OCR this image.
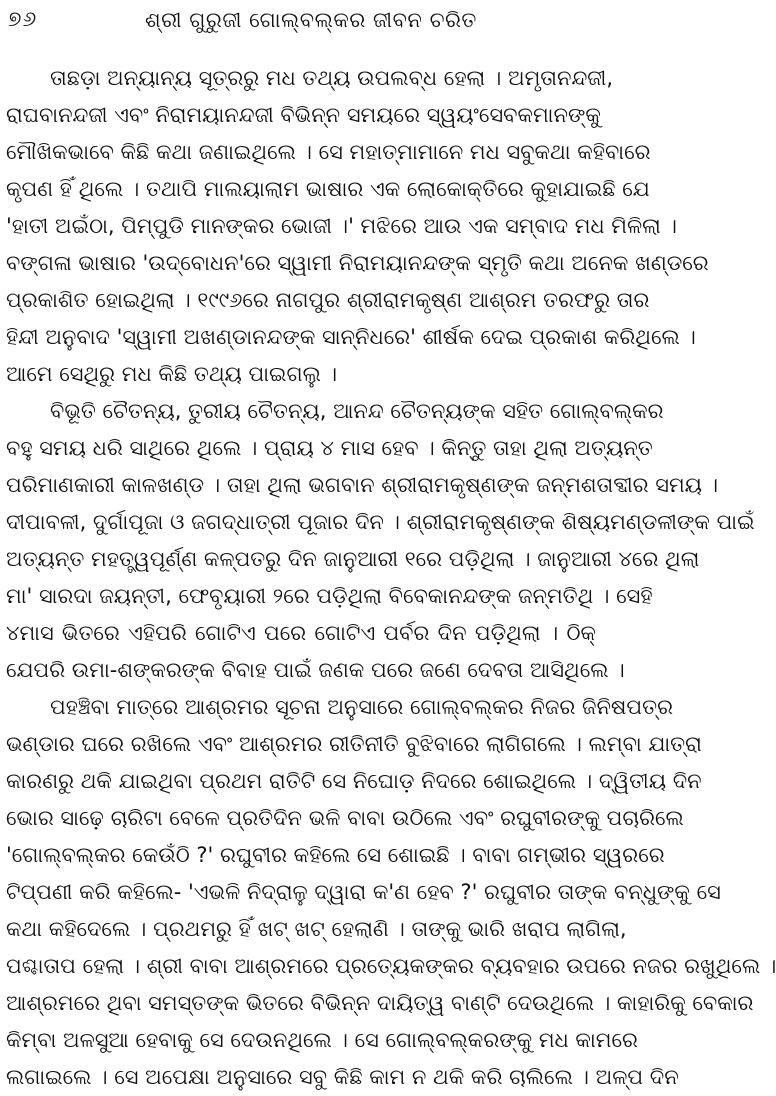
୭୬	ଶ୍ରୀ ଗୁରୁଜୀ ଗୋଲ୍‌ବଲ୍‌କର ଜୀବନ ଚରିତ
ତାଛଡ଼ା ଅନ୍ୟାନ୍ୟ ସୂତ୍ରରୁ ମଧ ତଥ୍ୟ ଉପଲବ୍ଧ ହେଲା । ଅମୃତାନନ୍ଦଜୀ,
ରାଘବାନନ୍ଦଜୀ ଏବଂ ନିରାମୟାନନ୍ଦଜୀ ବିଭିନ୍ନ ସମୟରେ ସ୍ୱୟଂସେବକମାନଙ୍କୁ
ମୌଖିକଭାବେ କିଛି କଥା ଜଣାଇଥିଲେ । ସେ ମହାତ୍ମାମାନେ ମଧ ସବୁକଥା କହିବାରେ
କୃପଣ ହିଁ ଥିଲେ । ତଥାପି ମାଲୟାଲାମ ଭାଷାର ଏକ ଲୋକୋକ୍ତିରେ କୁହାଯାଇଛି ଯେ
'ହାତୀ ଅଇଁଠା, ପିମ୍ପୁଡି ମାନଙ୍କର ଭୋଜୀ ।' ମଝିରେ ଆଉ ଏକ ସମ୍ବାଦ ମଧ ମିଳିଲା ।
ବଙ୍ଗଳା ଭାଷାର 'ଉଦ୍‌ବୋଧନ'ରେ ସ୍ୱାମୀ ନିରାମୟାନନ୍ଦଙ୍କ ସ୍ମୃତି କଥା ଅନେକ ଖଣ୍ଡରେ
ପ୍ରକାଶିତ ହୋଇଥିଲା । ୧୯୯୬ରେ ନାଗପୁର ଶ୍ରୀରାମକୃଷ୍ଣ ଆଶ୍ରମ ତରଫରୁ ତାର
ହିନ୍ଦୀ ଅନୁବାଦ 'ସ୍ୱାମୀ ଅଖଣ୍ଡାନନ୍ଦଙ୍କ ସାନ୍ନିଧରେ' ଶୀର୍ଷକ ଦେଇ ପ୍ରକାଶ କରିଥିଲେ ।
ଆମେ ସେଥିରୁ ମଧ କିଛି ତଥ୍ୟ ପାଇଗଲୁ ।
ବିଭୂତି ଚୈତନ୍ୟ, ତୁରୀୟ ଚୈତନ୍ୟ, ଆନନ୍ଦ ଚୈତନ୍ୟଙ୍କ ସହିତ ଗୋଲ୍‌ବଲ୍‌କର
ବହୁ ସମୟ ଧରି ସାଥିରେ ଥିଲେ । ପ୍ରାୟ ୪ ମାସ ହେବ । କିନ୍ତୁ ତାହା ଥିଲା ଅତ୍ୟନ୍ତ
ପରିମାଣକାରୀ କାଳଖଣ୍ଡ । ତାହା ଥିଲା ଭଗବାନ ଶ୍ରୀରାମକୃଷ୍ଣଙ୍କ ଜନ୍ମଶତାବ୍ଦୀର ସମୟ ।
ଦୀପାବଳୀ, ଦୁର୍ଗାପୂଜା ଓ ଜଗଦ୍ଧାତ୍ରୀ ପୂଜାର ଦିନ । ଶ୍ରୀରାମକୃଷ୍ଣଙ୍କ ଶିଷ୍ୟମଣ୍ଡଳୀଙ୍କ ପାଇଁ
ଅତ୍ୟନ୍ତ ମହତ୍ତ୍ୱପୂର୍ଣ୍ଣ କଳ୍ପତରୁ ଦିନ ଜାନୁଆରୀ ୧ରେ ପଡ଼ିଥିଲା । ଜାନୁଆରୀ ୪ରେ ଥିଲା
ମା' ସାରଦା ଜୟନ୍ତୀ, ଫେବୃୟାରୀ ୨ରେ ପଡ଼ିଥିଲା ବିବେକାନନ୍ଦଙ୍କ ଜନ୍ମତିଥି । ସେହି
୪ମାସ ଭିତରେ ଏହିପରି ଗୋଟିଏ ପରେ ଗୋଟିଏ ପର୍ବର ଦିନ ପଡ଼ିଥିଲା । ଠିକ୍
ଯେପରି ଉମା-ଶଙ୍କରଙ୍କ ବିବାହ ପାଇଁ ଜଣକ ପରେ ଜଣେ ଦେବତା ଆସିଥିଲେ ।
ପହଞ୍ଚିବା ମାତ୍ରେ ଆଶ୍ରମର ସୂଚନା ଅନୁସାରେ ଗୋଲ୍‌ବଲ୍‌କର ନିଜର ଜିନିଷପତ୍ର
ଭଣ୍ଡାର ଘରେ ରଖିଲେ ଏବଂ ଆଶ୍ରମର ରୀତିନୀତି ବୁଝିବାରେ ଲାଗିଗଲେ । ଲମ୍ବା ଯାତ୍ରା
କାରଣରୁ ଥକି ଯାଇଥିବା ପ୍ରଥମ ରାତିଟି ସେ ନିଘୋଡ଼ ନିଦରେ ଶୋଇଥିଲେ । ଦ୍ୱିତୀୟ ଦିନ
ଭୋର ସାଢ଼େ ଚାରିଟା ବେଳେ ପ୍ରତିଦିନ ଭଳି ବାବା ଉଠିଲେ ଏବଂ ରଘୁବୀରଙ୍କୁ ପଚାରିଲେ
'ଗୋଲ୍‌ବଲ୍‌କର କେଉଁଠି ?' ରଘୁବୀର କହିଲେ ସେ ଶୋଇଛି । ବାବା ଗମ୍ଭୀର ସ୍ୱରରେ
ଟିପ୍ପଣୀ କରି କହିଲେ- 'ଏଭଳି ନିଦ୍ରାଳୁ ଦ୍ୱାରା କ'ଣ ହେବ ?' ରଘୁବୀର ତାଙ୍କ ବନ୍ଧୁଙ୍କୁ ସେ
କଥା କହିଦେଲେ । ପ୍ରଥମରୁ ହିଁ ଖଟ୍ ଖଟ୍ ହେଲାଣି । ତାଙ୍କୁ ଭାରି ଖରାପ ଲାଗିଲା,
ପଶ୍ଚାତାପ ହେଲା । ଶ୍ରୀ ବାବା ଆଶ୍ରମରେ ପ୍ରତ୍ୟେକଙ୍କର ବ୍ୟବହାର ଉପରେ ନଜର ରଖୁଥିଲେ ।
ଆଶ୍ରମରେ ଥିବା ସମସ୍ତଙ୍କ ଭିତରେ ବିଭିନ୍ନ ଦାୟିତ୍ୱ ବାଣ୍ଟି ଦେଉଥିଲେ । କାହାରିକୁ ବେକାର
କିମ୍ବା ଅଳସୁଆ ହେବାକୁ ସେ ଦେଉନଥିଲେ । ସେ ଗୋଲ୍‌ବଲ୍‌କରଙ୍କୁ ମଧ କାମରେ
ଲଗାଇଲେ । ସେ ଅପେକ୍ଷା ଅନୁସାରେ ସବୁ କିଛି କାମ ନ ଥକି କରି ଚାଲିଲେ । ଅଳ୍ପ ଦିନ
